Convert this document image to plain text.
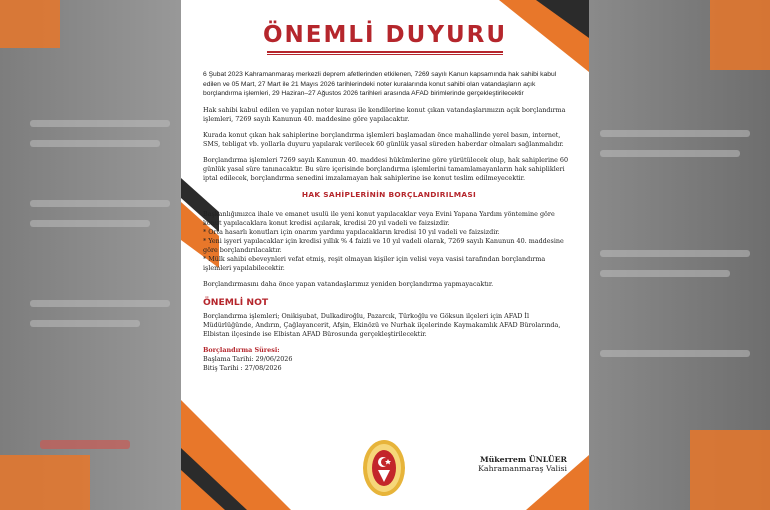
ÖNEMLİ DUYURU

6 Şubat 2023 Kahramanmaraş merkezli deprem afetlerinden etkilenen, 7269 sayılı Kanun kapsamında hak sahibi kabul edilen ve 05 Mart, 27 Mart ile 21 Mayıs 2026 tarihlerindeki noter kuralarında konut sahibi olan vatandaşların açık borçlandırma işlemleri, 29 Haziran–27 Ağustos 2026 tarihleri arasında AFAD birimlerinde gerçekleştirilecektir

Hak sahibi kabul edilen ve yapılan noter kurası ile kendilerine konut çıkan vatandaşlarımızın açık borçlandırma işlemleri, 7269 sayılı Kanunun 40. maddesine göre yapılacaktır.

Kurada konut çıkan hak sahiplerine borçlandırma işlemleri başlamadan önce mahallinde yerel basın, internet, SMS, tebligat vb. yollarla duyuru yapılarak verilecek 60 günlük yasal süreden haberdar olmaları sağlanmalıdır.

Borçlandırma işlemleri 7269 sayılı Kanunun 40. maddesi hükümlerine göre yürütülecek olup, hak sahiplerine 60 günlük yasal süre tanınacaktır. Bu süre içerisinde borçlandırma işlemlerini tamamlamayanların hak sahiplikleri iptal edilecek, borçlandırma senedini imzalamayan hak sahiplerine ise konut teslim edilmeyecektir.

HAK SAHİPLERİNİN BORÇLANDIRILMASI

Başkanlığımızca ihale ve emanet usulü ile yeni konut yapılacaklar veya Evini Yapana Yardım yöntemine göre konut yapılacaklara konut kredisi açılarak, kredisi 20 yıl vadeli ve faizsizdir.
* Orta hasarlı konutları için onarım yardımı yapılacakların kredisi 10 yıl vadeli ve faizsizdir.
* Yeni işyeri yapılacaklar için kredisi yıllık % 4 faizli ve 10 yıl vadeli olarak, 7269 sayılı Kanunun 40. maddesine göre borçlandırılacaktır.
* Mülk sahibi ebeveynleri vefat etmiş, reşit olmayan kişiler için velisi veya vasisi tarafından borçlandırma işlemleri yapılabilecektir.

Borçlandırmasını daha önce yapan vatandaşlarımız yeniden borçlandırma yapmayacaktır.

ÖNEMLİ NOT

Borçlandırma işlemleri; Onikişubat, Dulkadiroğlu, Pazarcık, Türkoğlu ve Göksun ilçeleri için AFAD İl Müdürlüğünde, Andırın, Çağlayancerit, Afşin, Ekinözü ve Nurhak ilçelerinde Kaymakamlık AFAD Bürolarında, Elbistan ilçesinde ise Elbistan AFAD Bürosunda gerçekleştirilecektir.

Borçlandırma Süresi:
Başlama Tarihi: 29/06/2026
Bitiş Tarihi : 27/08/2026
Mükerrem ÜNLÜER
Kahramanmaraş Valisi
